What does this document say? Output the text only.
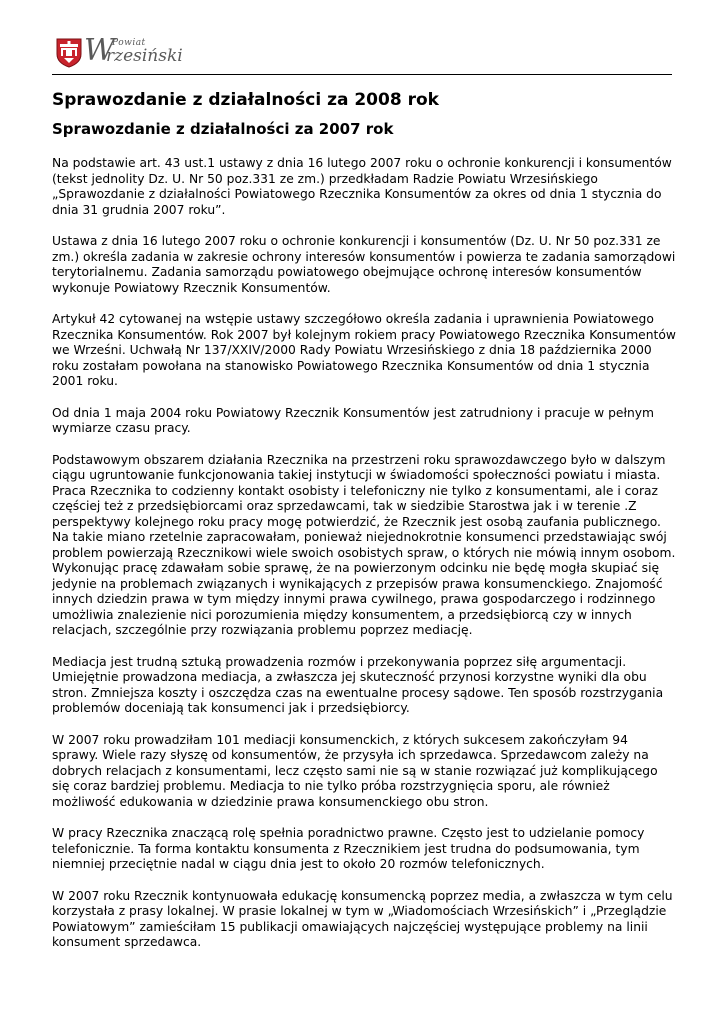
W
Powiat
rzesiński
Sprawozdanie z działalności za 2008 rok
Sprawozdanie z działalności za 2007 rok

Na podstawie art. 43 ust.1 ustawy z dnia 16 lutego 2007 roku o ochronie konkurencji i konsumentów (tekst jednolity Dz. U. Nr 50 poz.331 ze zm.) przedkładam Radzie Powiatu Wrzesińskiego „Sprawozdanie z działalności Powiatowego Rzecznika Konsumentów za okres od dnia 1 stycznia do dnia 31 grudnia 2007 roku”.

Ustawa z dnia 16 lutego 2007 roku o ochronie konkurencji i konsumentów (Dz. U. Nr 50 poz.331 ze zm.) określa zadania w zakresie ochrony interesów konsumentów i powierza te zadania samorządowi terytorialnemu. Zadania samorządu powiatowego obejmujące ochronę interesów konsumentów wykonuje Powiatowy Rzecznik Konsumentów.

Artykuł 42 cytowanej na wstępie ustawy szczegółowo określa zadania i uprawnienia Powiatowego Rzecznika Konsumentów. Rok 2007 był kolejnym rokiem pracy Powiatowego Rzecznika Konsumentów we Wrześni. Uchwałą Nr 137/XXIV/2000 Rady Powiatu Wrzesińskiego z dnia 18 października 2000 roku zostałam powołana na stanowisko Powiatowego Rzecznika Konsumentów od dnia 1 stycznia 2001 roku.

Od dnia 1 maja 2004 roku Powiatowy Rzecznik Konsumentów jest zatrudniony i pracuje w pełnym wymiarze czasu pracy.

Podstawowym obszarem działania Rzecznika na przestrzeni roku sprawozdawczego było w dalszym ciągu ugruntowanie funkcjonowania takiej instytucji w świadomości społeczności powiatu i miasta. Praca Rzecznika to codzienny kontakt osobisty i telefoniczny nie tylko z konsumentami, ale i coraz częściej też z przedsiębiorcami oraz sprzedawcami, tak w siedzibie Starostwa jak i w terenie .Z perspektywy kolejnego roku pracy mogę potwierdzić, że Rzecznik jest osobą zaufania publicznego. Na takie miano rzetelnie zapracowałam, ponieważ niejednokrotnie konsumenci przedstawiając swój problem powierzają Rzecznikowi wiele swoich osobistych spraw, o których nie mówią innym osobom. Wykonując pracę zdawałam sobie sprawę, że na powierzonym odcinku nie będę mogła skupiać się jedynie na problemach związanych i wynikających z przepisów prawa konsumenckiego. Znajomość innych dziedzin prawa w tym między innymi prawa cywilnego, prawa gospodarczego i rodzinnego umożliwia znalezienie nici porozumienia między konsumentem, a przedsiębiorcą czy w innych relacjach, szczególnie przy rozwiązania problemu poprzez mediację.

Mediacja jest trudną sztuką prowadzenia rozmów i przekonywania poprzez siłę argumentacji. Umiejętnie prowadzona mediacja, a zwłaszcza jej skuteczność przynosi korzystne wyniki dla obu stron. Zmniejsza koszty i oszczędza czas na ewentualne procesy sądowe. Ten sposób rozstrzygania problemów doceniają tak konsumenci jak i przedsiębiorcy.

W 2007 roku prowadziłam 101 mediacji konsumenckich, z których sukcesem zakończyłam 94 sprawy. Wiele razy słyszę od konsumentów, że przysyła ich sprzedawca. Sprzedawcom zależy na dobrych relacjach z konsumentami, lecz często sami nie są w stanie rozwiązać już komplikującego się coraz bardziej problemu. Mediacja to nie tylko próba rozstrzygnięcia sporu, ale również możliwość edukowania w dziedzinie prawa konsumenckiego obu stron.

W pracy Rzecznika znaczącą rolę spełnia poradnictwo prawne. Często jest to udzielanie pomocy telefonicznie. Ta forma kontaktu konsumenta z Rzecznikiem jest trudna do podsumowania, tym niemniej przeciętnie nadal w ciągu dnia jest to około 20 rozmów telefonicznych.

W 2007 roku Rzecznik kontynuowała edukację konsumencką poprzez media, a zwłaszcza w tym celu korzystała z prasy lokalnej. W prasie lokalnej w tym w „Wiadomościach Wrzesińskich” i „Przeglądzie Powiatowym” zamieściłam 15 publikacji omawiających najczęściej występujące problemy na linii konsument sprzedawca.
